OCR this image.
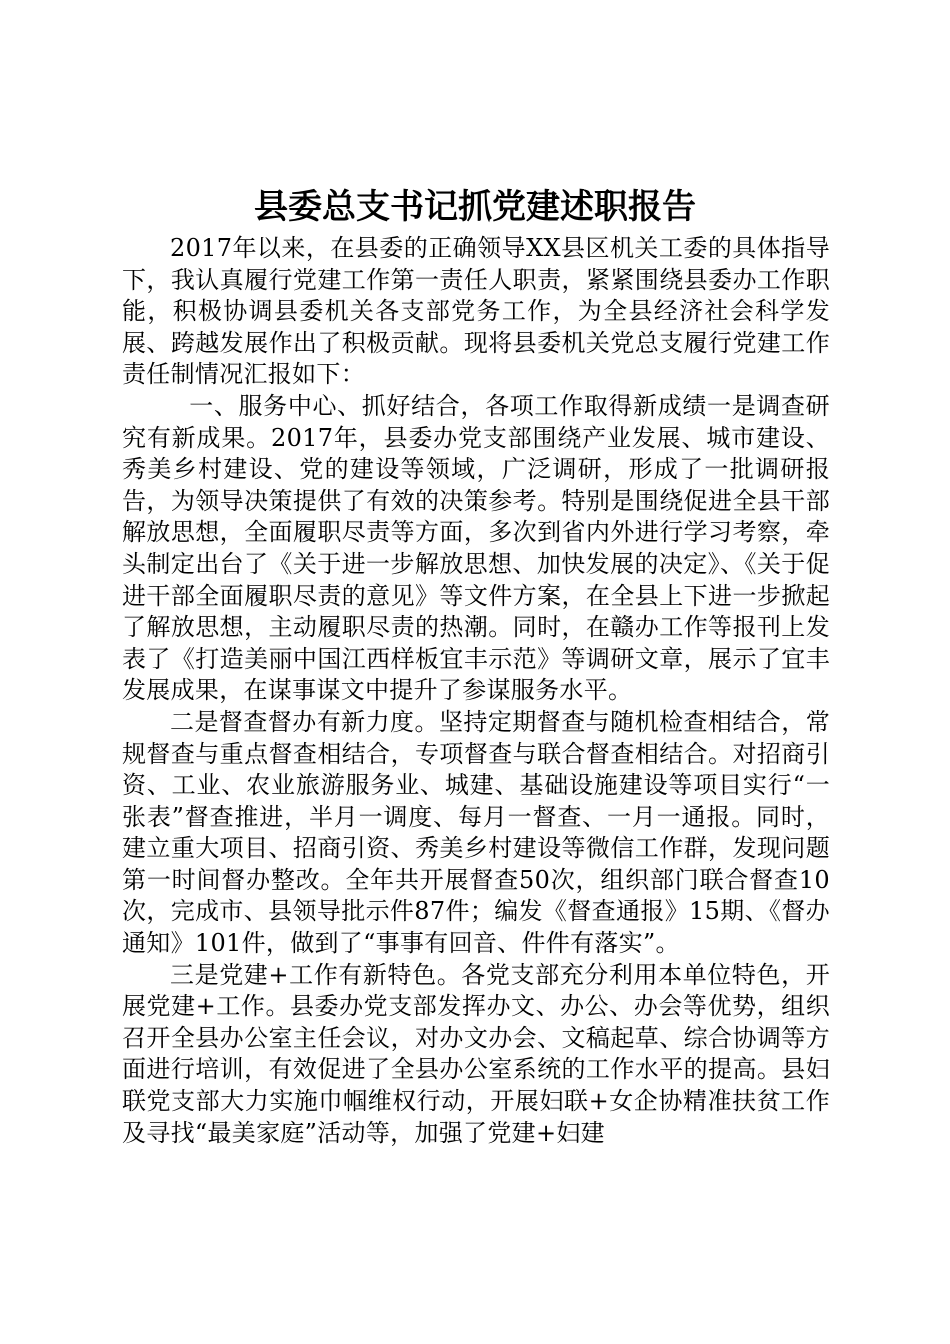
县委总支书记抓党建述职报告

2017年以来，在县委的正确领导XX县区机关工委的具体指导下，我认真履行党建工作第一责任人职责，紧紧围绕县委办工作职能，积极协调县委机关各支部党务工作，为全县经济社会科学发展、跨越发展作出了积极贡献。现将县委机关党总支履行党建工作责任制情况汇报如下：

一、服务中心、抓好结合，各项工作取得新成绩一是调查研究有新成果。2017年，县委办党支部围绕产业发展、城市建设、秀美乡村建设、党的建设等领域，广泛调研，形成了一批调研报告，为领导决策提供了有效的决策参考。特别是围绕促进全县干部解放思想，全面履职尽责等方面，多次到省内外进行学习考察，牵头制定出台了《关于进一步解放思想、加快发展的决定》、《关于促进干部全面履职尽责的意见》等文件方案，在全县上下进一步掀起了解放思想，主动履职尽责的热潮。同时，在赣办工作等报刊上发表了《打造美丽中国江西样板宜丰示范》等调研文章，展示了宜丰发展成果，在谋事谋文中提升了参谋服务水平。

二是督查督办有新力度。坚持定期督查与随机检查相结合，常规督查与重点督查相结合，专项督查与联合督查相结合。对招商引资、工业、农业旅游服务业、城建、基础设施建设等项目实行“一张表”督查推进，半月一调度、每月一督查、一月一通报。同时，建立重大项目、招商引资、秀美乡村建设等微信工作群，发现问题第一时间督办整改。全年共开展督查50次，组织部门联合督查10次，完成市、县领导批示件87件；编发《督查通报》15期、《督办通知》101件，做到了“事事有回音、件件有落实”。

三是党建+工作有新特色。各党支部充分利用本单位特色，开展党建+工作。县委办党支部发挥办文、办公、办会等优势，组织召开全县办公室主任会议，对办文办会、文稿起草、综合协调等方面进行培训，有效促进了全县办公室系统的工作水平的提高。县妇联党支部大力实施巾帼维权行动，开展妇联+女企协精准扶贫工作及寻找“最美家庭”活动等，加强了党建+妇建
